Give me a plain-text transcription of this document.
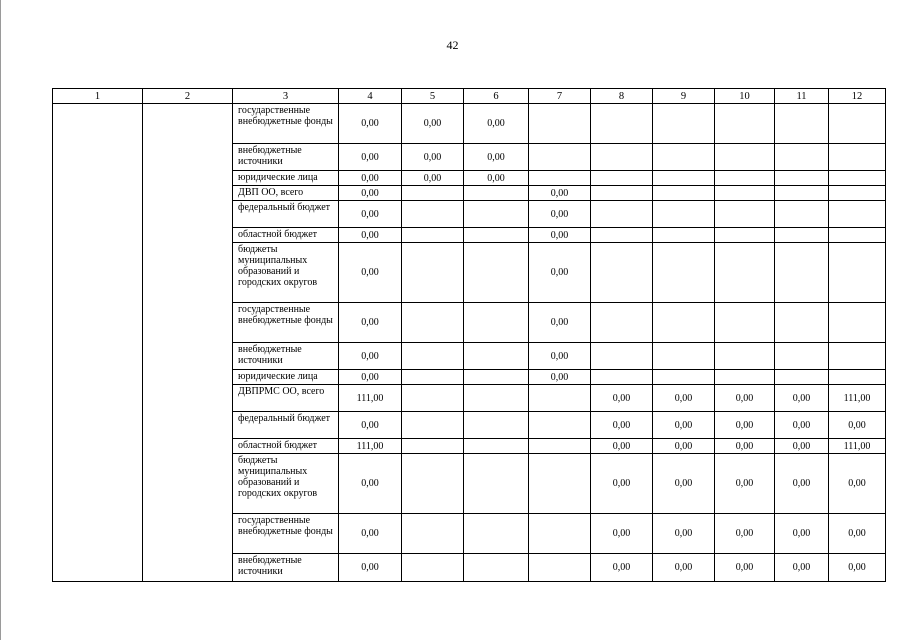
42
1	2	3	4	5	6	7	8	9	10	11	12
		государственные внебюджетные фонды	0,00	0,00	0,00						
		внебюджетные источники	0,00	0,00	0,00						
		юридические лица	0,00	0,00	0,00						
		ДВП ОО, всего	0,00			0,00					
		федеральный бюджет	0,00			0,00					
		областной бюджет	0,00			0,00					
		бюджеты муниципальных образований и городских округов	0,00			0,00					
		государственные внебюджетные фонды	0,00			0,00					
		внебюджетные источники	0,00			0,00					
		юридические лица	0,00			0,00					
		ДВПРМС ОО, всего	111,00				0,00	0,00	0,00	0,00	111,00
		федеральный бюджет	0,00				0,00	0,00	0,00	0,00	0,00
		областной бюджет	111,00				0,00	0,00	0,00	0,00	111,00
		бюджеты муниципальных образований и городских округов	0,00				0,00	0,00	0,00	0,00	0,00
		государственные внебюджетные фонды	0,00				0,00	0,00	0,00	0,00	0,00
		внебюджетные источники	0,00				0,00	0,00	0,00	0,00	0,00
